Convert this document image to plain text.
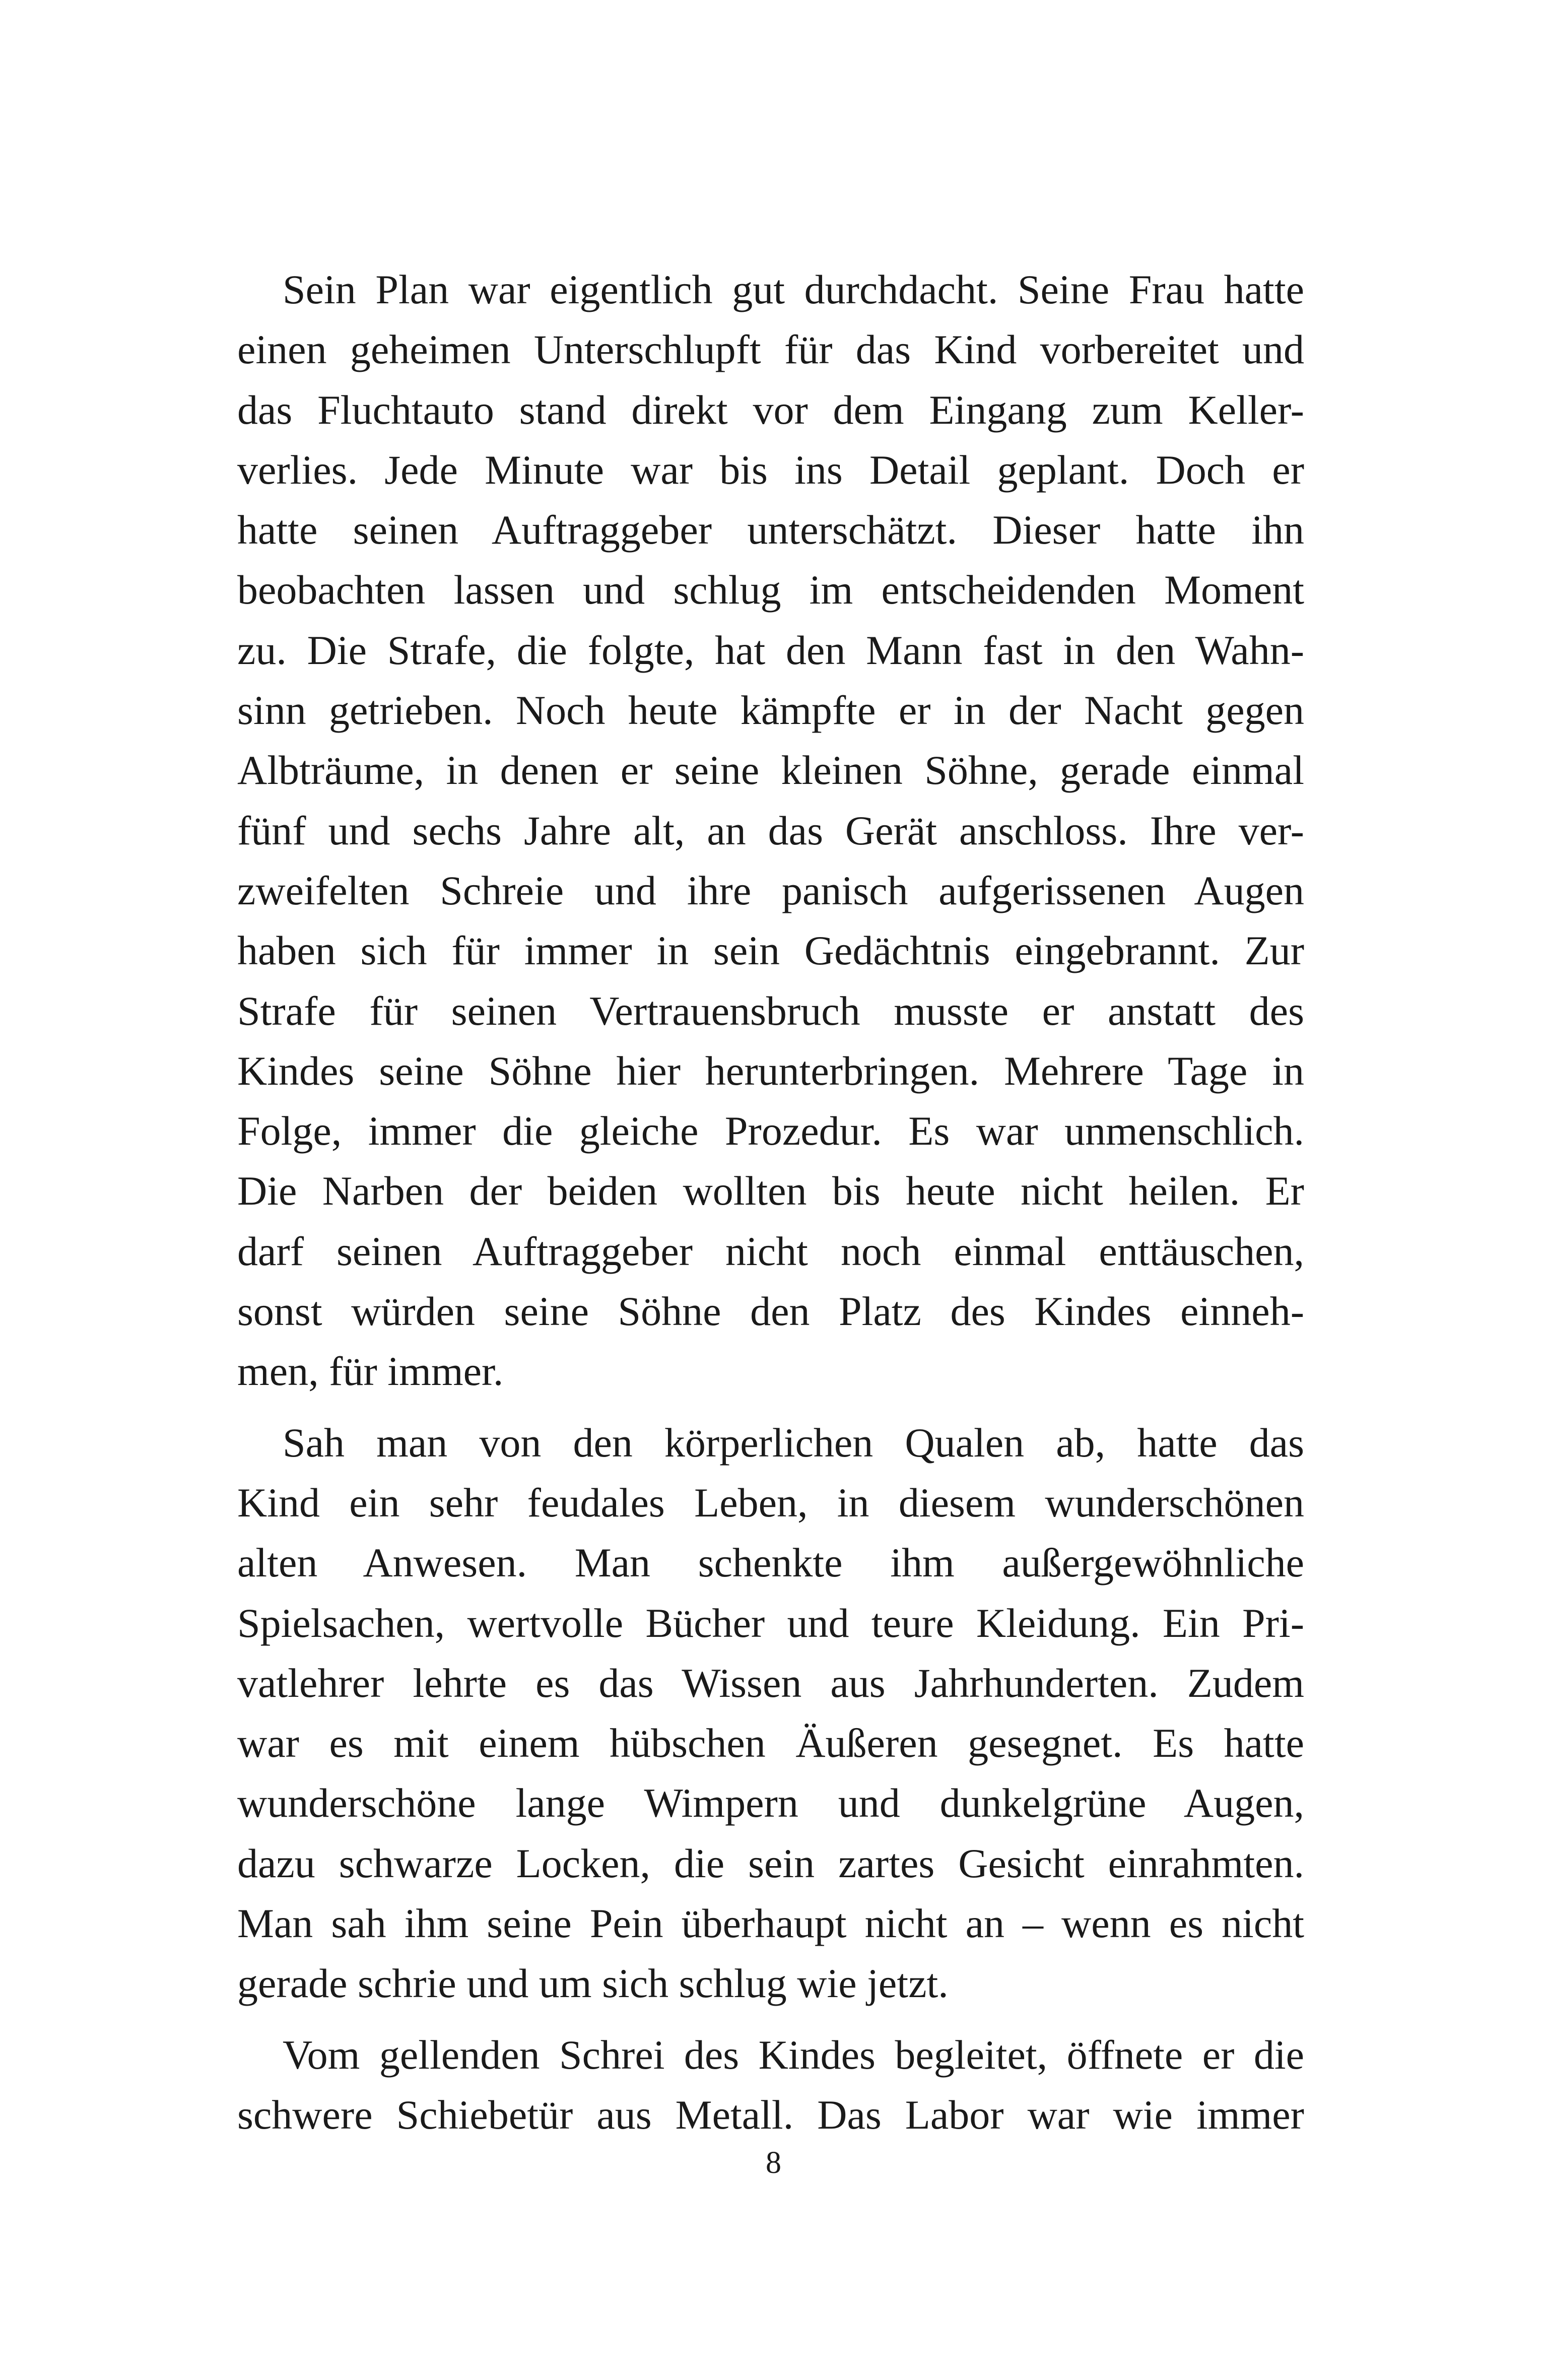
Sein Plan war eigentlich gut durchdacht. Seine Frau hatte
einen geheimen Unterschlupft für das Kind vorbereitet und
das Fluchtauto stand direkt vor dem Eingang zum Keller-
verlies. Jede Minute war bis ins Detail geplant. Doch er
hatte seinen Auftraggeber unterschätzt. Dieser hatte ihn
beobachten lassen und schlug im entscheidenden Moment
zu. Die Strafe, die folgte, hat den Mann fast in den Wahn-
sinn getrieben. Noch heute kämpfte er in der Nacht gegen
Albträume, in denen er seine kleinen Söhne, gerade einmal
fünf und sechs Jahre alt, an das Gerät anschloss. Ihre ver-
zweifelten Schreie und ihre panisch aufgerissenen Augen
haben sich für immer in sein Gedächtnis eingebrannt. Zur
Strafe für seinen Vertrauensbruch musste er anstatt des
Kindes seine Söhne hier herunterbringen. Mehrere Tage in
Folge, immer die gleiche Prozedur. Es war unmenschlich.
Die Narben der beiden wollten bis heute nicht heilen. Er
darf seinen Auftraggeber nicht noch einmal enttäuschen,
sonst würden seine Söhne den Platz des Kindes einneh-
men, für immer.

Sah man von den körperlichen Qualen ab, hatte das
Kind ein sehr feudales Leben, in diesem wunderschönen
alten Anwesen. Man schenkte ihm außergewöhnliche
Spielsachen, wertvolle Bücher und teure Kleidung. Ein Pri-
vatlehrer lehrte es das Wissen aus Jahrhunderten. Zudem
war es mit einem hübschen Äußeren gesegnet. Es hatte
wunderschöne lange Wimpern und dunkelgrüne Augen,
dazu schwarze Locken, die sein zartes Gesicht einrahmten.
Man sah ihm seine Pein überhaupt nicht an – wenn es nicht
gerade schrie und um sich schlug wie jetzt.

Vom gellenden Schrei des Kindes begleitet, öffnete er die
schwere Schiebetür aus Metall. Das Labor war wie immer

8
